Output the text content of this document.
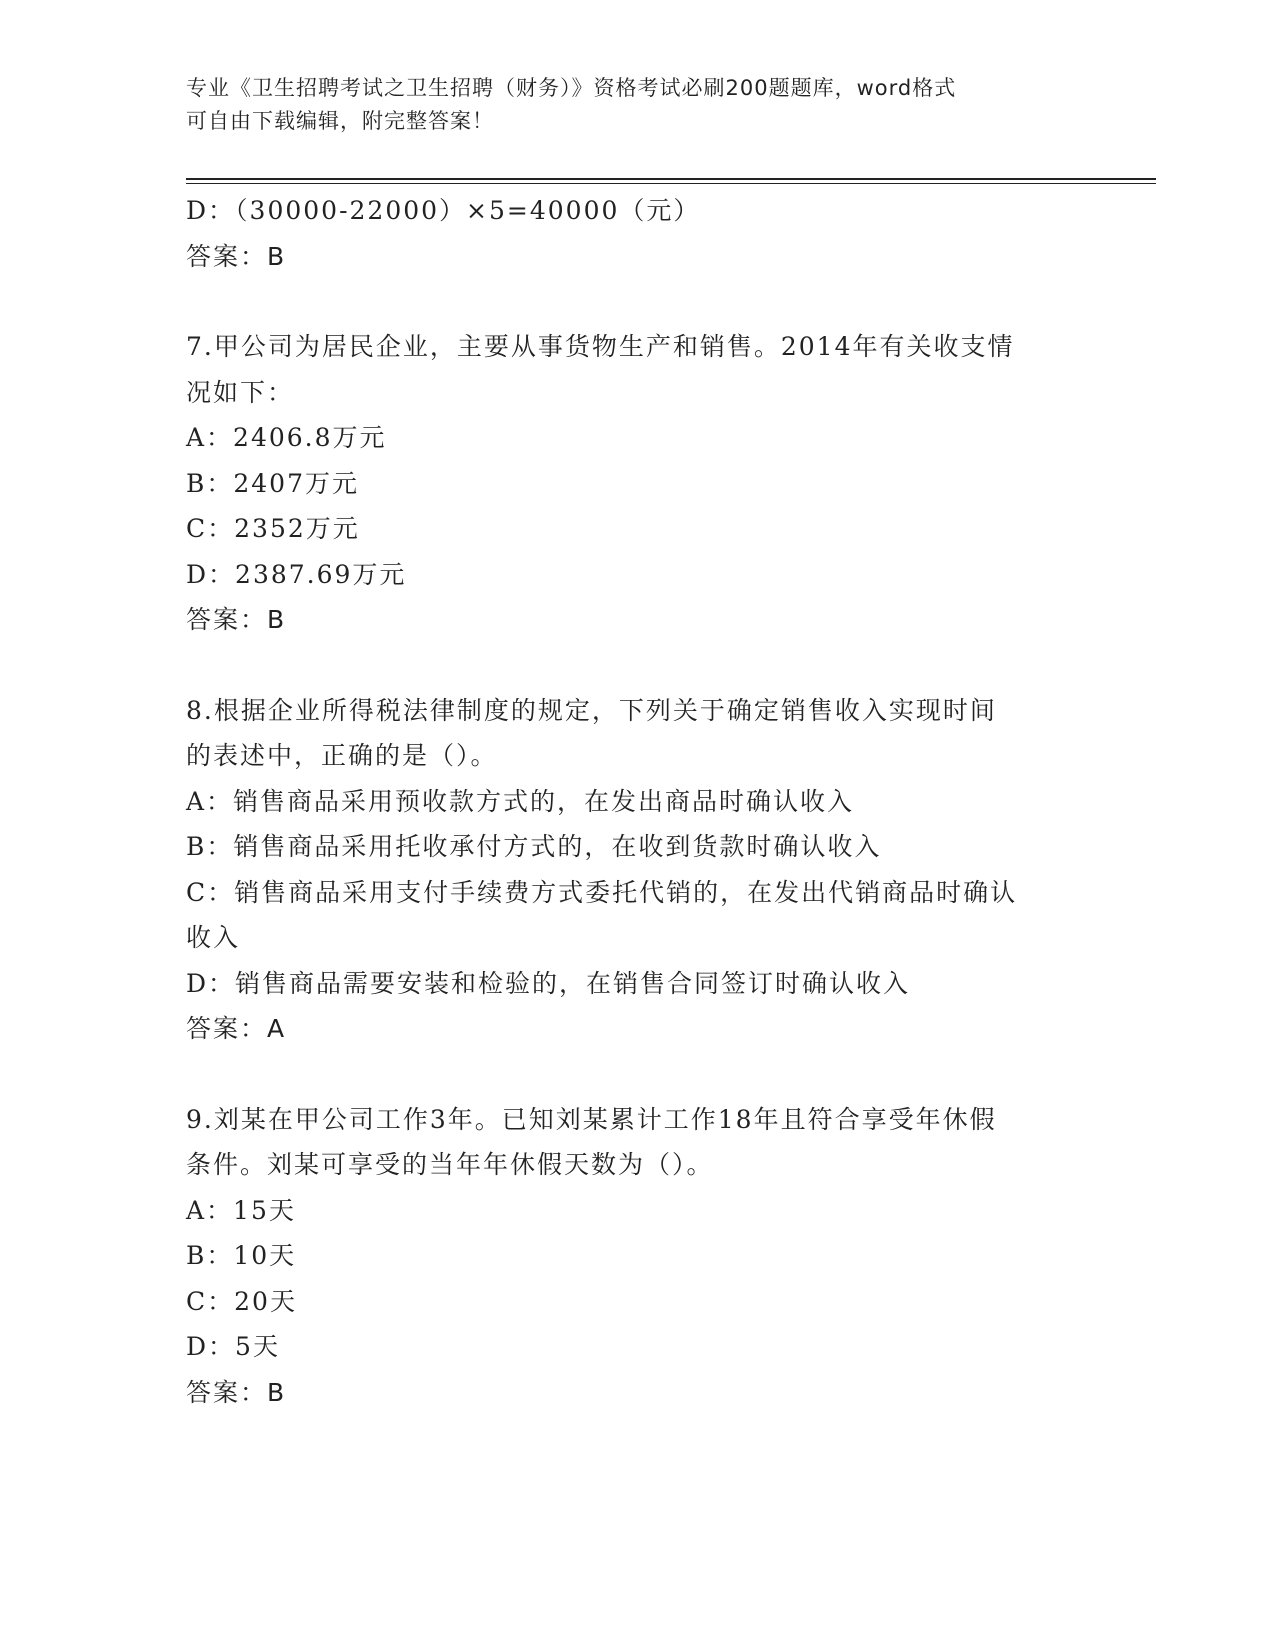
专业《卫生招聘考试之卫生招聘（财务）》资格考试必刷200题题库，word格式
可自由下载编辑，附完整答案！
D：（30000-22000）×5=40000（元）
答案：B
7.甲公司为居民企业，主要从事货物生产和销售。2014年有关收支情
况如下：
A：2406.8万元
B：2407万元
C：2352万元
D：2387.69万元
答案：B
8.根据企业所得税法律制度的规定，下列关于确定销售收入实现时间
的表述中，正确的是（）。
A：销售商品采用预收款方式的，在发出商品时确认收入
B：销售商品采用托收承付方式的，在收到货款时确认收入
C：销售商品采用支付手续费方式委托代销的，在发出代销商品时确认
收入
D：销售商品需要安装和检验的，在销售合同签订时确认收入
答案：A
9.刘某在甲公司工作3年。已知刘某累计工作18年且符合享受年休假
条件。刘某可享受的当年年休假天数为（）。
A：15天
B：10天
C：20天
D：5天
答案：B
